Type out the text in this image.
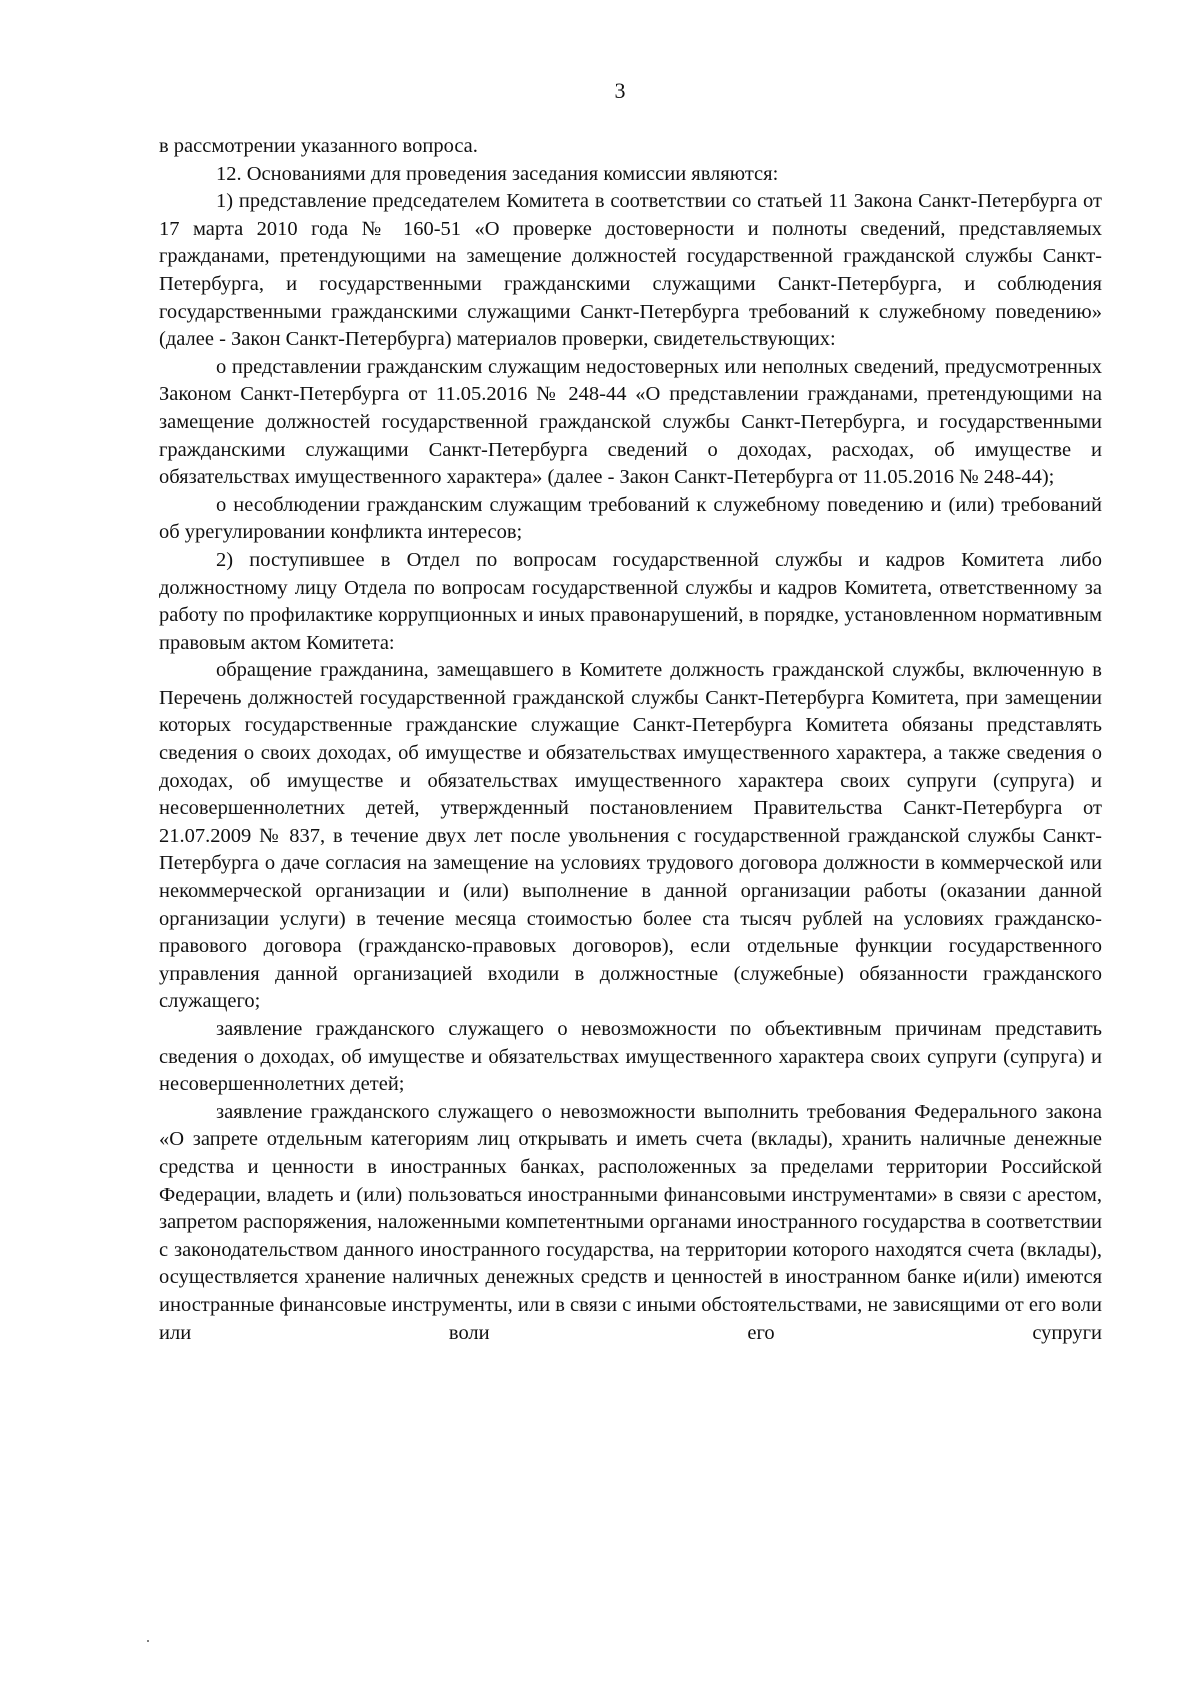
3

в рассмотрении указанного вопроса.

12. Основаниями для проведения заседания комиссии являются:

1) представление председателем Комитета в соответствии со статьей 11 Закона Санкт-Петербурга от 17 марта 2010 года № 160-51 «О проверке достоверности и полноты сведений, представляемых гражданами, претендующими на замещение должностей государственной гражданской службы Санкт-Петербурга, и государственными гражданскими служащими Санкт-Петербурга, и соблюдения государственными гражданскими служащими Санкт-Петербурга требований к служебному поведению» (далее - Закон Санкт-Петербурга) материалов проверки, свидетельствующих:

о представлении гражданским служащим недостоверных или неполных сведений, предусмотренных Законом Санкт-Петербурга от 11.05.2016 № 248-44 «О представлении гражданами, претендующими на замещение должностей государственной гражданской службы Санкт-Петербурга, и государственными гражданскими служащими Санкт-Петербурга сведений о доходах, расходах, об имуществе и обязательствах имущественного характера» (далее - Закон Санкт-Петербурга от 11.05.2016 № 248-44);

о несоблюдении гражданским служащим требований к служебному поведению и (или) требований об урегулировании конфликта интересов;

2) поступившее в Отдел по вопросам государственной службы и кадров Комитета либо должностному лицу Отдела по вопросам государственной службы и кадров Комитета, ответственному за работу по профилактике коррупционных и иных правонарушений, в порядке, установленном нормативным правовым актом Комитета:

обращение гражданина, замещавшего в Комитете должность гражданской службы, включенную в Перечень должностей государственной гражданской службы Санкт-Петербурга Комитета, при замещении которых государственные гражданские служащие Санкт-Петербурга Комитета обязаны представлять сведения о своих доходах, об имуществе и обязательствах имущественного характера, а также сведения о доходах, об имуществе и обязательствах имущественного характера своих супруги (супруга) и несовершеннолетних детей, утвержденный постановлением Правительства Санкт-Петербурга от 21.07.2009 № 837, в течение двух лет после увольнения с государственной гражданской службы Санкт-Петербурга о даче согласия на замещение на условиях трудового договора должности в коммерческой или некоммерческой организации и (или) выполнение в данной организации работы (оказании данной организации услуги) в течение месяца стоимостью более ста тысяч рублей на условиях гражданско-правового договора (гражданско-правовых договоров), если отдельные функции государственного управления данной организацией входили в должностные (служебные) обязанности гражданского служащего;

заявление гражданского служащего о невозможности по объективным причинам представить сведения о доходах, об имуществе и обязательствах имущественного характера своих супруги (супруга) и несовершеннолетних детей;

заявление гражданского служащего о невозможности выполнить требования Федерального закона «О запрете отдельным категориям лиц открывать и иметь счета (вклады), хранить наличные денежные средства и ценности в иностранных банках, расположенных за пределами территории Российской Федерации, владеть и (или) пользоваться иностранными финансовыми инструментами» в связи с арестом, запретом распоряжения, наложенными компетентными органами иностранного государства в соответствии с законодательством данного иностранного государства, на территории которого находятся счета (вклады), осуществляется хранение наличных денежных средств и ценностей в иностранном банке и(или) имеются иностранные финансовые инструменты, или в связи с иными обстоятельствами, не зависящими от его воли или воли его супруги
